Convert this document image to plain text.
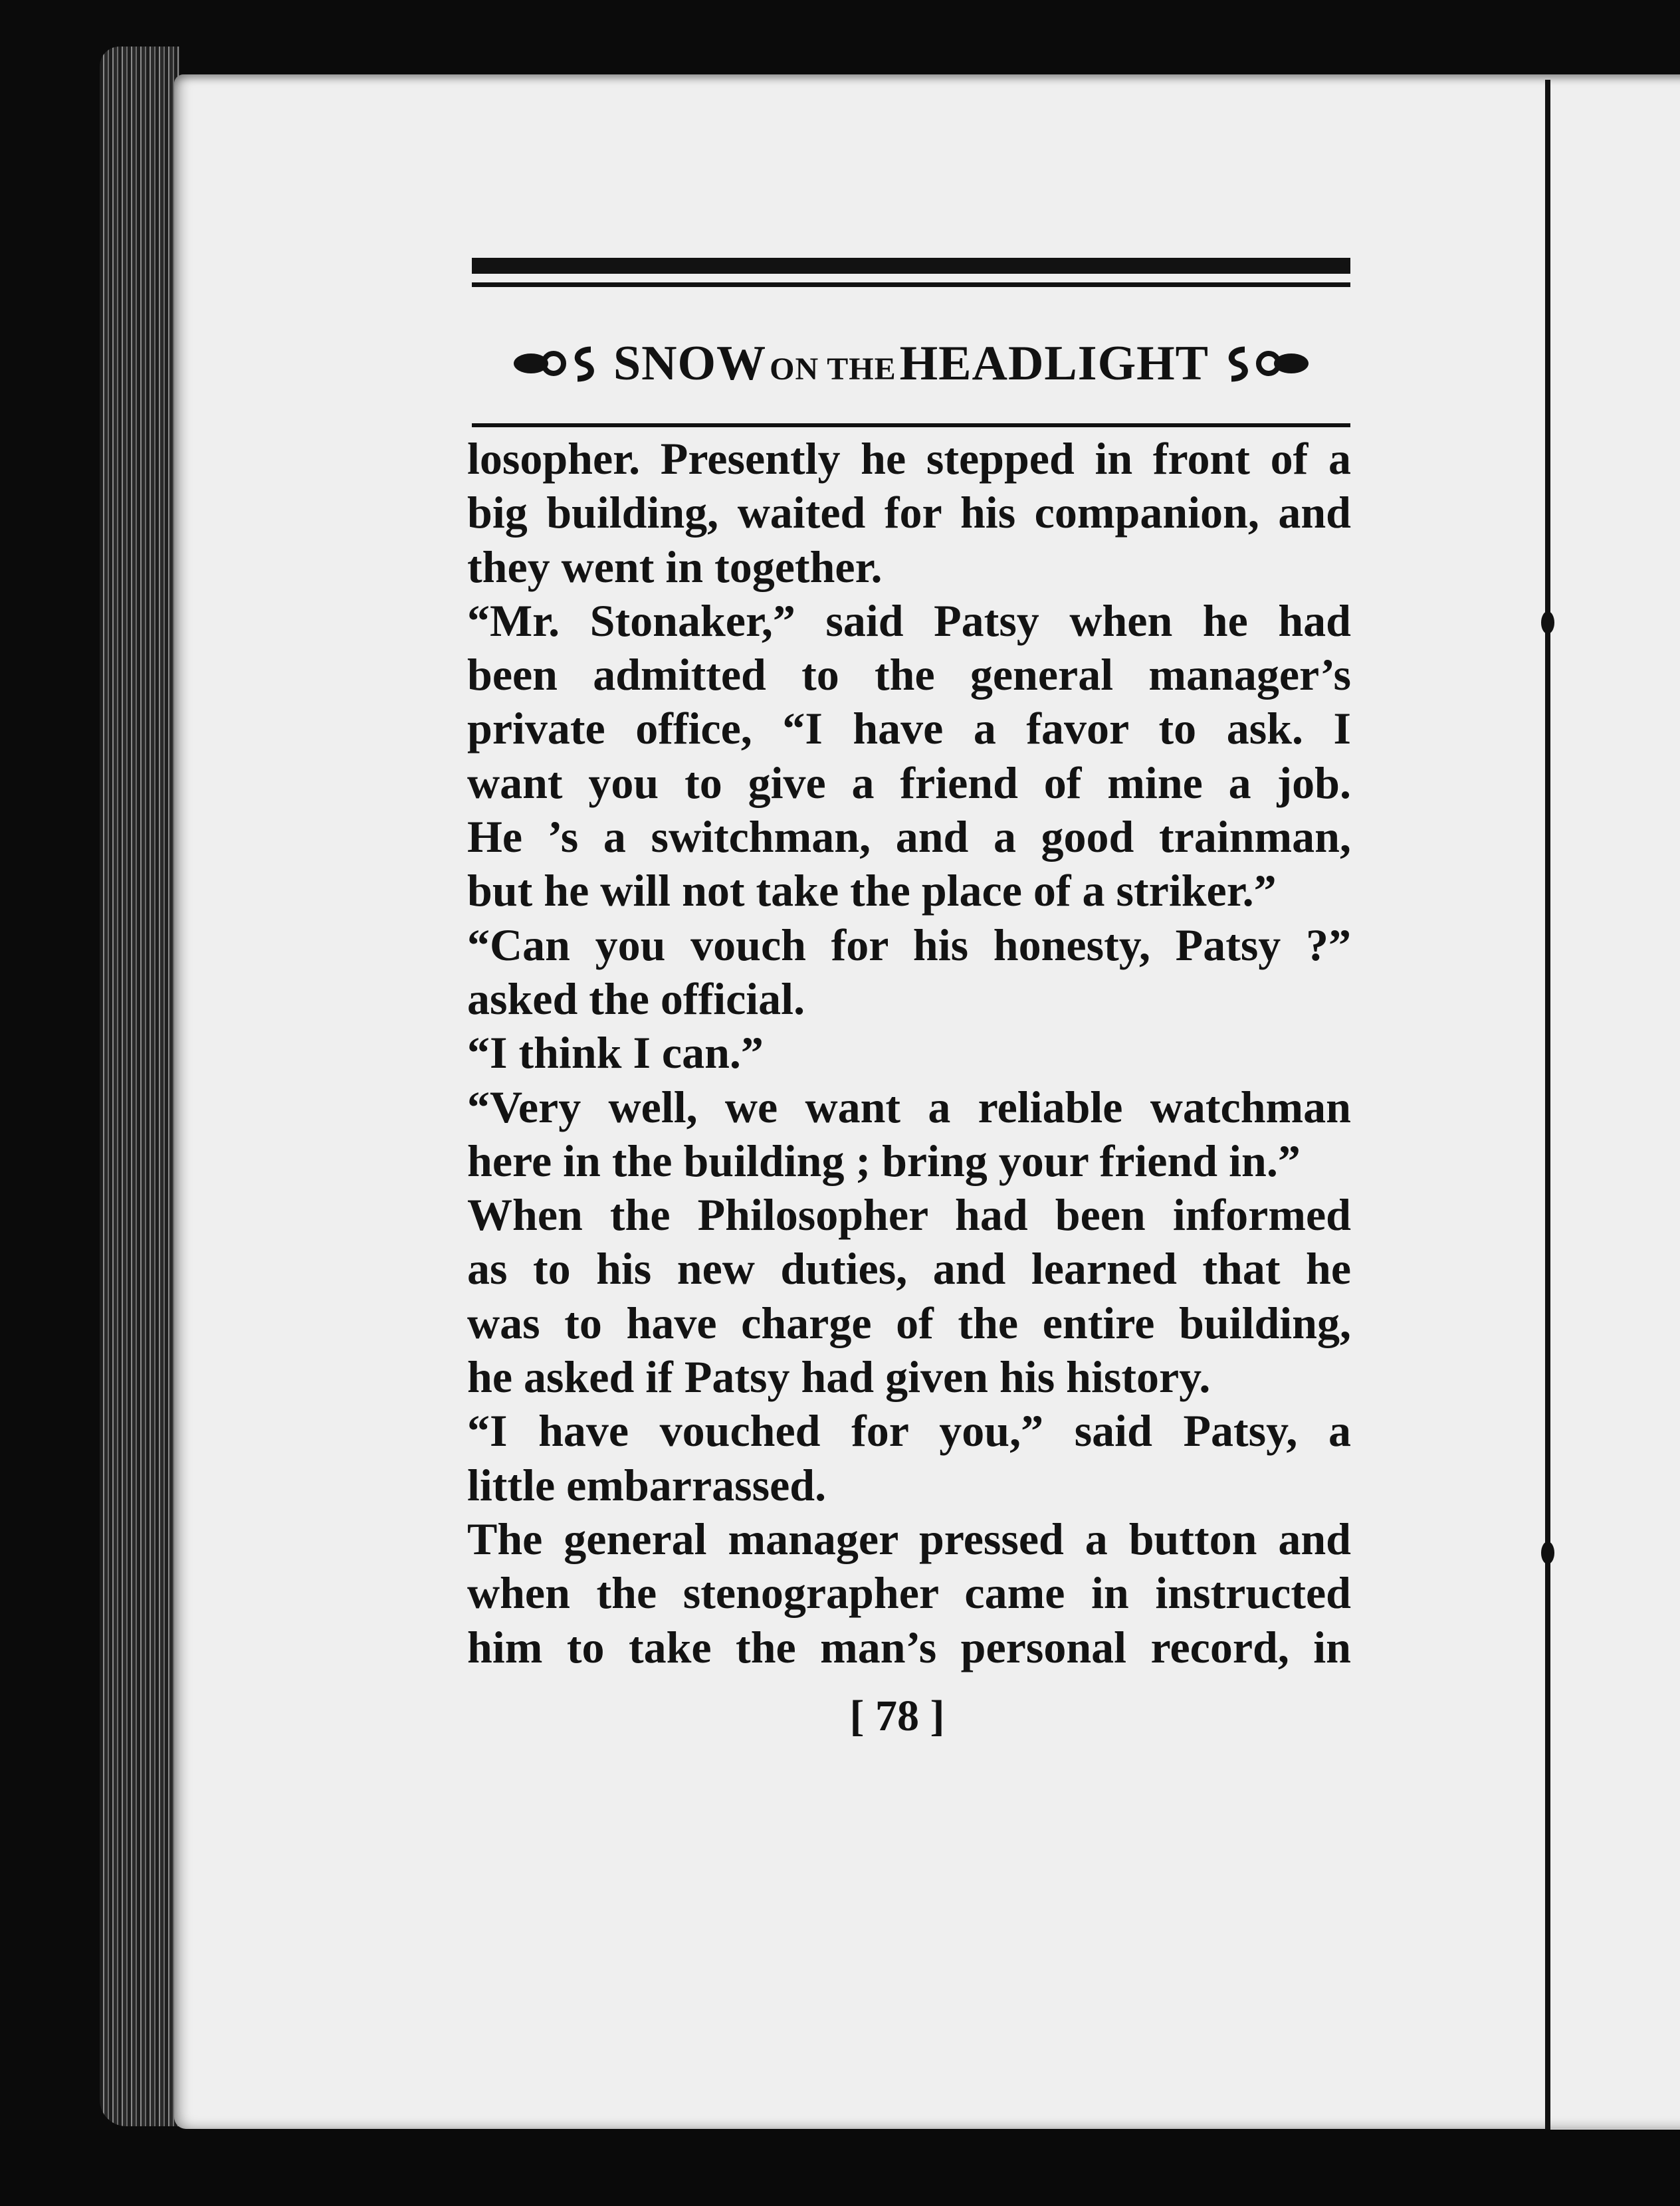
SNOW ON THE HEADLIGHT
losopher. Presently he stepped in front of a
big building, waited for his companion, and
they went in together.
“Mr. Stonaker,” said Patsy when he had
been admitted to the general manager’s
private office, “I have a favor to ask. I
want you to give a friend of mine a job.
He ’s a switchman, and a good trainman,
but he will not take the place of a striker.”
“Can you vouch for his honesty, Patsy ?”
asked the official.
“I think I can.”
“Very well, we want a reliable watchman
here in the building ; bring your friend in.”
When the Philosopher had been informed
as to his new duties, and learned that he
was to have charge of the entire building,
he asked if Patsy had given his history.
“I have vouched for you,” said Patsy, a
little embarrassed.
The general manager pressed a button and
when the stenographer came in instructed
him to take the man’s personal record, in
[ 78 ]
